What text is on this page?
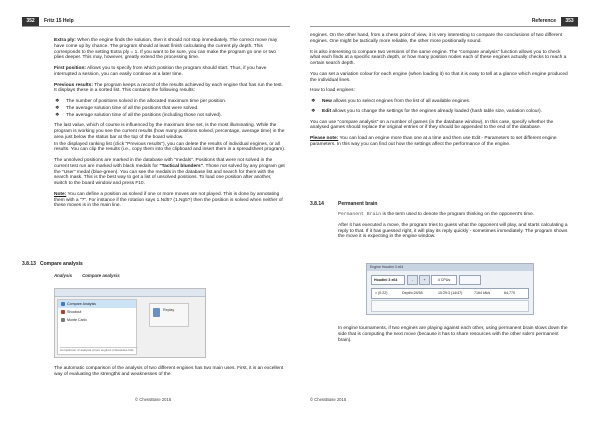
352	Fritz 15 Help

Extra ply: When the engine finds the solution, then it should not stop immediately. The correct move may have come up by chance. The program should at least finish calculating the current ply depth. This corresponds to the setting Extra ply = 1. If you want to be sure, you can make the program go one or two plies deeper. This may, however, greatly extend the processing time.

First position: Allows you to specify from which position the program should start. Thus, if you have interrupted a session, you can easily continue at a later time.

Previous results: The program keeps a record of the results achieved by each engine that has run the test. It displays these in a sorted list. This contains the following results:

❖ The number of positions solved in the allocated maximum time per position.
❖ The average solution time of all the positions that were solved.
❖ The average solution time of all the positions (including those not solved).

The last value, which of course is influenced by the maximum time set, is the most illuminating. While the program is working you see the current results (how many positions solved, percentage, average time) in the area just below the status bar at the top of the board window.

In the displayed ranking list (click "Previous results"), you can delete the results of individual engines, or all results. You can clip the results (i.e., copy them into the clipboard and insert them in a spreadsheet program).

The unsolved positions are marked in the database with "medals". Positions that were not solved in the current test run are marked with black medals for "Tactical blunders". Those not solved by any program get the "User" medal (blue-green). You can see the medals in the database list and search for them with the search mask. This is the best way to get a list of unsolved positions. To load one position after another, switch to the board window and press F10.

Note: You can define a position as solved if one or more moves are not played. This is done by annotating them with a "?". For instance if the rotation says 1.Nd5? (1.Ng5?) then the position is solved when neither of these moves is in the main line.

3.8.13 Compare analysis
Analysis Compare analysis
Compare Analysis
Shootout
Monte Carlo
Comparison of analysis of two engines (chessbase lab)
Replay

The automatic comparison of the analysis of two different engines has two main uses. First, it is an excellent way of evaluating the strengths and weaknesses of the

© ChessBase 2015
Reference	353

engines. On the other hand, from a chess point of view, it is very interesting to compare the conclusions of two different engines. One might be tactically more reliable, the other more positionally sound.

It is also interesting to compare two versions of the same engine. The "compare analysis" function allows you to check what each finds at a specific search depth, or how many position nodes each of these engines actually checks to reach a certain search depth.

You can set a variation colour for each engine (when loading it) so that it is easy to tell at a glance which engine produced the individual lines.

How to load engines:

❖ New allows you to select engines from the list of all available engines.
❖ Edit allows you to change the settings for the engines already loaded (hash table size, variation colour).

You can use "compare analysis" on a number of games (in the database window). In this case, specify whether the analysed games should replace the original entries or if they should be appended to the end of the database.

Please note: You can load an engine more than one at a time and then use Edit - Parameters to set different engine parameters. In this way you can find out how the settings affect the performance of the engine.

3.8.14	Permanent brain

Permanent Brain is the term used to denote the program thinking on the opponent's time.

After it has executed a move, the program tries to guess what the opponent will play, and starts calculating a reply to that. If it has guessed right, it will play its reply quickly - sometimes immediately. The program shows the move it is expecting in the engine window.

In engine tournaments, if two engines are playing against each other, using permanent brain slows down the side that is computing the next move (because it has to share resources with the other side's permanent brain).

© ChessBase 2015
Engine Houdini 3 x64
Houdini 3 x64	-	+	4 CPUs
= (0.22)	Depth=24/55	10:29:3 (14/47)	7164 kN/s	64,770
